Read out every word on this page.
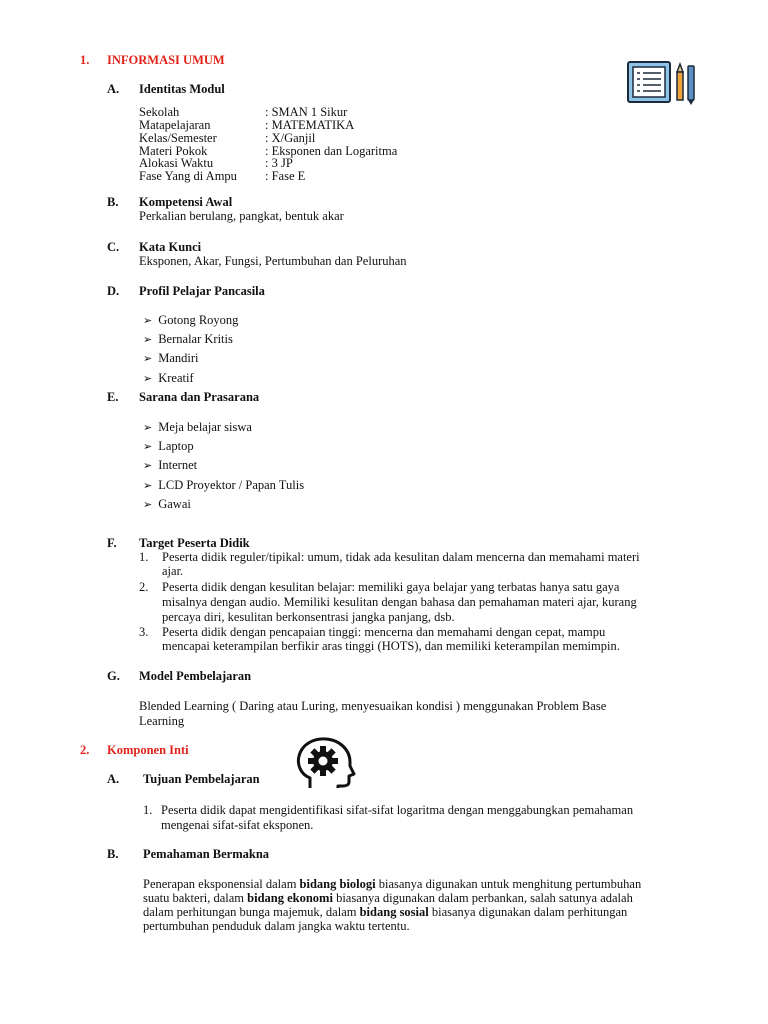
1. INFORMASI UMUM
A. Identitas Modul
Sekolah	: SMAN 1 Sikur
Matapelajaran	: MATEMATIKA
Kelas/Semester	: X/Ganjil
Materi Pokok	: Eksponen dan Logaritma
Alokasi Waktu	: 3 JP
Fase Yang di Ampu : Fase E
B. Kompetensi Awal
Perkalian berulang, pangkat, bentuk akar
C. Kata Kunci
Eksponen, Akar, Fungsi, Pertumbuhan dan Peluruhan
D. Profil Pelajar Pancasila
➢ Gotong Royong
➢ Bernalar Kritis
➢ Mandiri
➢ Kreatif
E. Sarana dan Prasarana
➢ Meja belajar siswa
➢ Laptop
➢ Internet
➢ LCD Proyektor / Papan Tulis
➢ Gawai
F. Target Peserta Didik
1. Peserta didik reguler/tipikal: umum, tidak ada kesulitan dalam mencerna dan memahami materi
ajar.
2. Peserta didik dengan kesulitan belajar: memiliki gaya belajar yang terbatas hanya satu gaya
misalnya dengan audio. Memiliki kesulitan dengan bahasa dan pemahaman materi ajar, kurang
percaya diri, kesulitan berkonsentrasi jangka panjang, dsb.
3. Peserta didik dengan pencapaian tinggi: mencerna dan memahami dengan cepat, mampu
mencapai keterampilan berfikir aras tinggi (HOTS), dan memiliki keterampilan memimpin.
G. Model Pembelajaran
Blended Learning ( Daring atau Luring, menyesuaikan kondisi ) menggunakan Problem Base
Learning
2. Komponen Inti
A. Tujuan Pembelajaran
1. Peserta didik dapat mengidentifikasi sifat-sifat logaritma dengan menggabungkan pemahaman
mengenai sifat-sifat eksponen.
B. Pemahaman Bermakna
Penerapan eksponensial dalam bidang biologi biasanya digunakan untuk menghitung pertumbuhan
suatu bakteri, dalam bidang ekonomi biasanya digunakan dalam perbankan, salah satunya adalah
dalam perhitungan bunga majemuk, dalam bidang sosial biasanya digunakan dalam perhitungan
pertumbuhan penduduk dalam jangka waktu tertentu.
